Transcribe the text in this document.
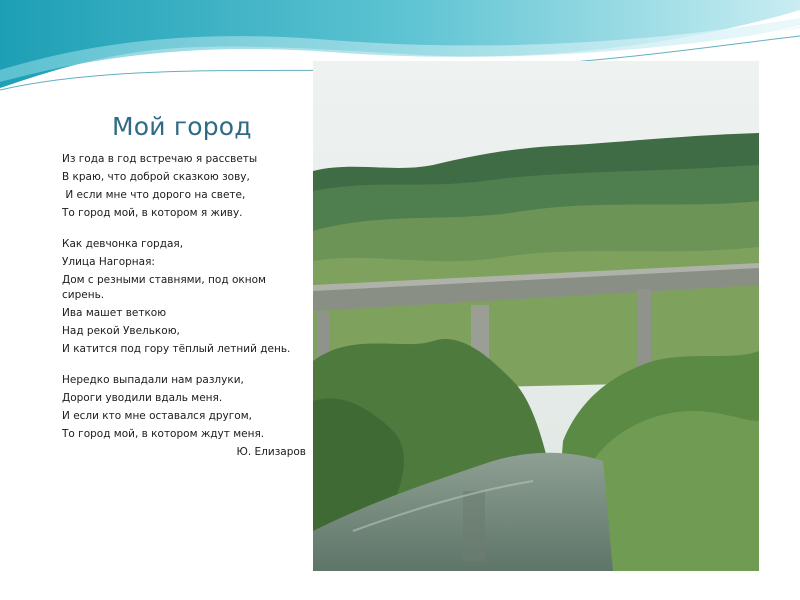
Мой город

Из года в год встречаю я рассветы

В краю, что доброй сказкою зову,

И если мне что дорого на свете,

То город мой, в котором я живу.

Как девчонка гордая,

Улица Нагорная:

Дом с резными ставнями, под окном сирень.

Ива машет веткою

Над рекой Увелькою,

И катится под гору тёплый летний день.

Нередко выпадали нам разлуки,

Дороги уводили вдаль меня.

И если кто мне оставался другом,

То город мой, в котором ждут меня.

Ю. Елизаров
